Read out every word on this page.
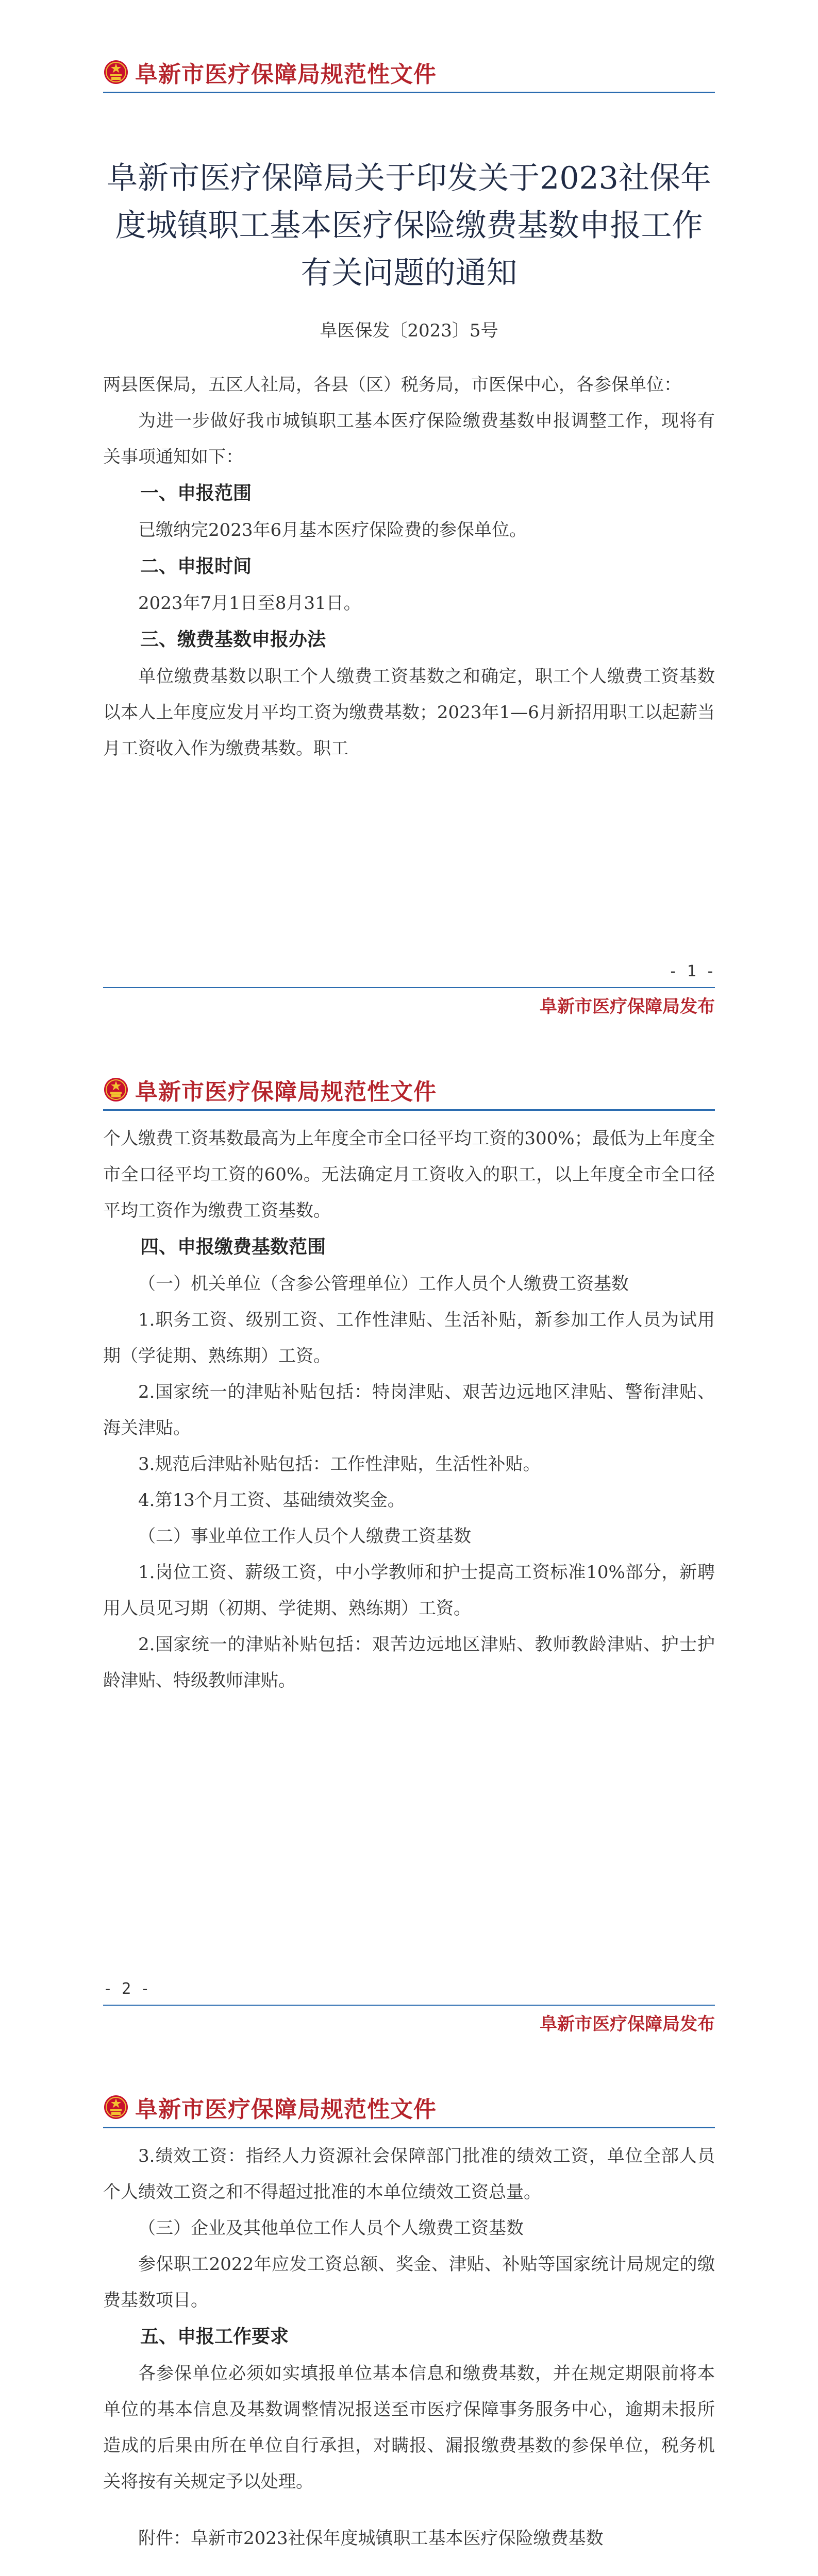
阜新市医疗保障局规范性文件
阜新市医疗保障局关于印发关于2023社保年度城镇职工基本医疗保险缴费基数申报工作有关问题的通知
阜医保发〔2023〕5号

两县医保局，五区人社局，各县（区）税务局，市医保中心，各参保单位：

为进一步做好我市城镇职工基本医疗保险缴费基数申报调整工作，现将有关事项通知如下：

一、申报范围

已缴纳完2023年6月基本医疗保险费的参保单位。

二、申报时间

2023年7月1日至8月31日。

三、缴费基数申报办法

单位缴费基数以职工个人缴费工资基数之和确定，职工个人缴费工资基数以本人上年度应发月平均工资为缴费基数；2023年1—6月新招用职工以起薪当月工资收入作为缴费基数。职工

- 1 -
阜新市医疗保障局发布
阜新市医疗保障局规范性文件

个人缴费工资基数最高为上年度全市全口径平均工资的300%；最低为上年度全市全口径平均工资的60%。无法确定月工资收入的职工，以上年度全市全口径平均工资作为缴费工资基数。

四、申报缴费基数范围

（一）机关单位（含参公管理单位）工作人员个人缴费工资基数

1.职务工资、级别工资、工作性津贴、生活补贴，新参加工作人员为试用期（学徒期、熟练期）工资。

2.国家统一的津贴补贴包括：特岗津贴、艰苦边远地区津贴、警衔津贴、海关津贴。

3.规范后津贴补贴包括：工作性津贴，生活性补贴。

4.第13个月工资、基础绩效奖金。

（二）事业单位工作人员个人缴费工资基数

1.岗位工资、薪级工资，中小学教师和护士提高工资标准10%部分，新聘用人员见习期（初期、学徒期、熟练期）工资。

2.国家统一的津贴补贴包括：艰苦边远地区津贴、教师教龄津贴、护士护龄津贴、特级教师津贴。

- 2 -
阜新市医疗保障局发布
阜新市医疗保障局规范性文件

3.绩效工资：指经人力资源社会保障部门批准的绩效工资，单位全部人员个人绩效工资之和不得超过批准的本单位绩效工资总量。

（三）企业及其他单位工作人员个人缴费工资基数

参保职工2022年应发工资总额、奖金、津贴、补贴等国家统计局规定的缴费基数项目。

五、申报工作要求

各参保单位必须如实填报单位基本信息和缴费基数，并在规定期限前将本单位的基本信息及基数调整情况报送至市医疗保障事务服务中心，逾期未报所造成的后果由所在单位自行承担，对瞒报、漏报缴费基数的参保单位，税务机关将按有关规定予以处理。

附件：阜新市2023社保年度城镇职工基本医疗保险缴费基数
